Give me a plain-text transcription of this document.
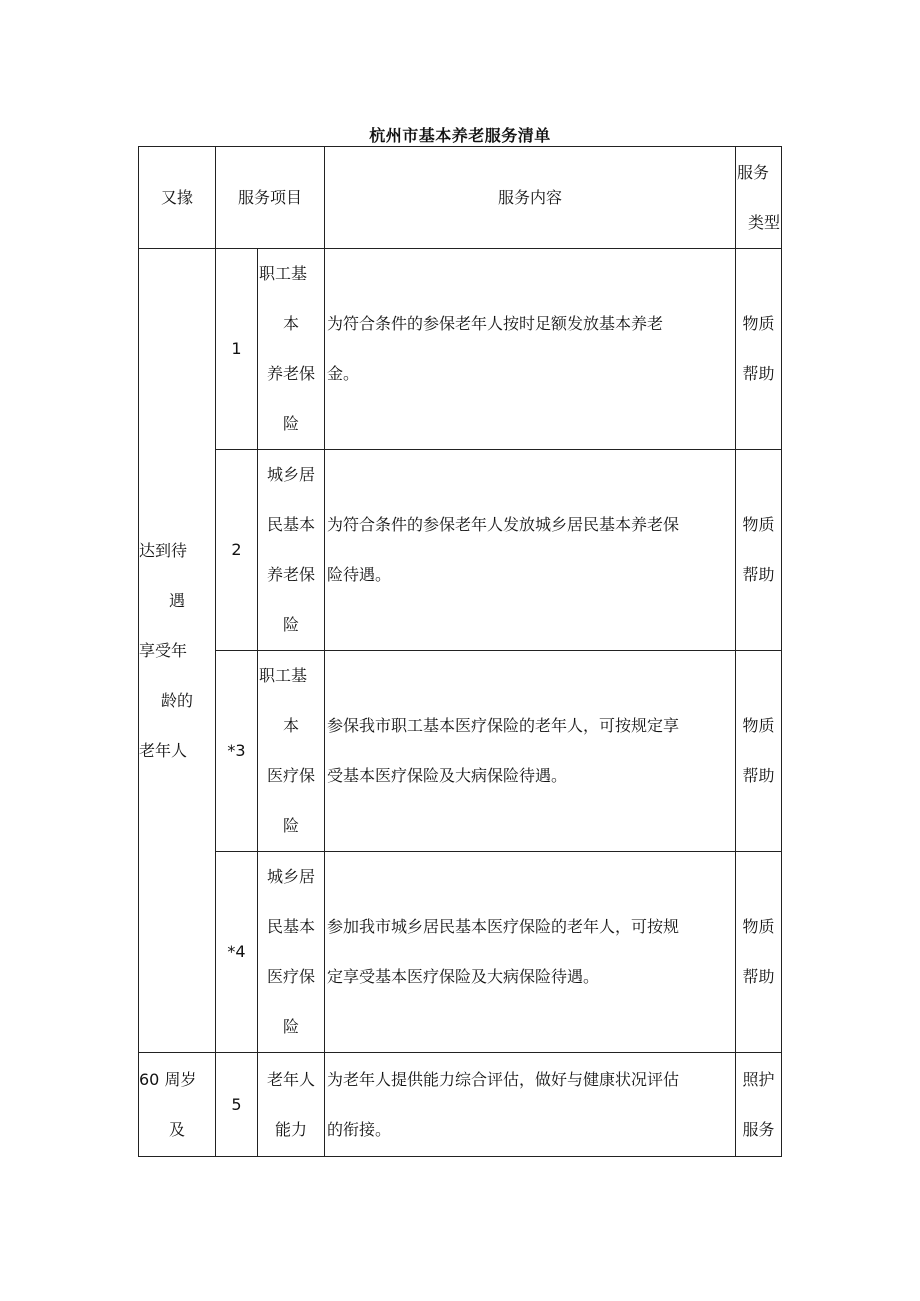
杭州市基本养老服务清单
又掾	服务项目		服务内容	服务
类型

达到待
遇
享受年
龄的
老年人	1	职工基
本
养老保
险	为符合条件的参保老年人按时足额发放基本养老
金。	物质
帮助

	2	城乡居
民基本
养老保
险	为符合条件的参保老年人发放城乡居民基本养老保
险待遇。	物质
帮助

	*3	职工基
本
医疗保
险	参保我市职工基本医疗保险的老年人，可按规定享
受基本医疗保险及大病保险待遇。	物质
帮助

	*4	城乡居
民基本
医疗保
险	参加我市城乡居民基本医疗保险的老年人，可按规
定享受基本医疗保险及大病保险待遇。	物质
帮助

60 周岁
及	5	老年人
能力	为老年人提供能力综合评估，做好与健康状况评估
的衔接。	照护
服务
